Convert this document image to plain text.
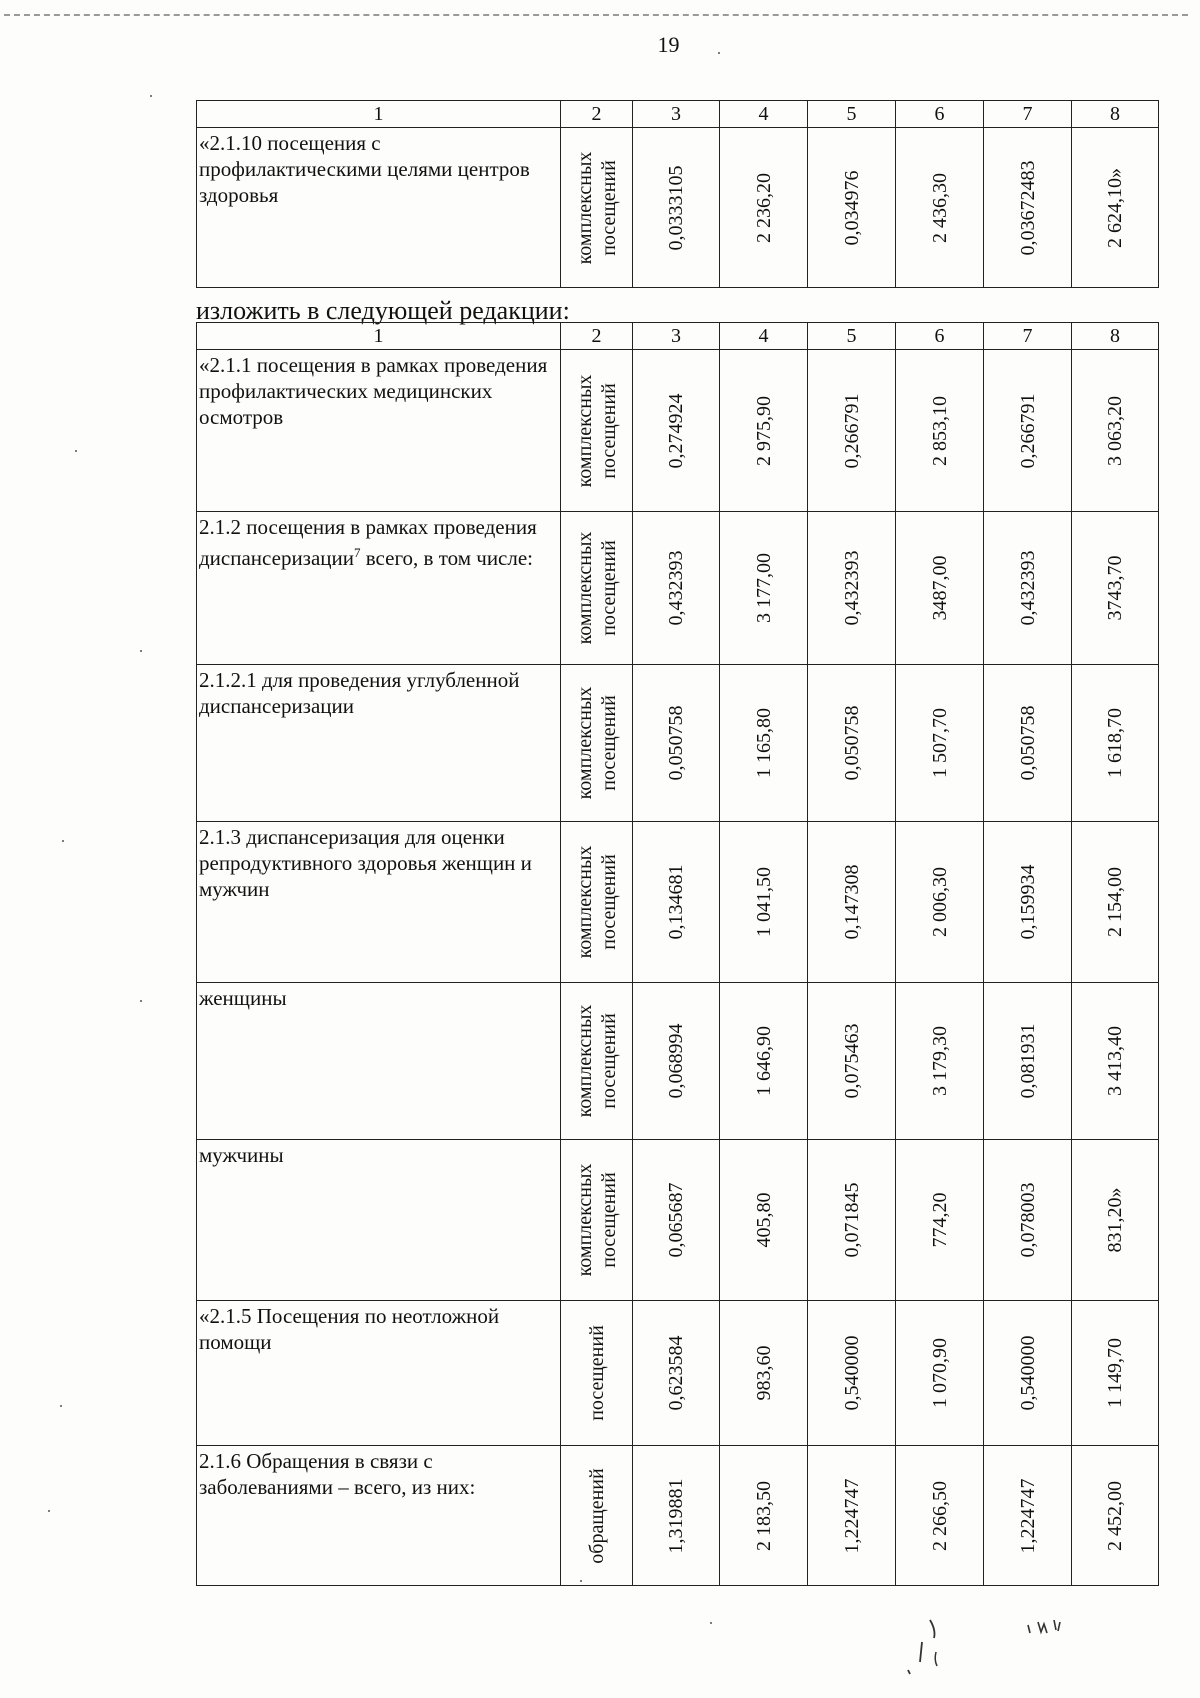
19
1	2	3	4	5	6	7	8
«2.1.10 посещения с профилактическими целями центров здоровья	комплексных посещений	0,0333105	2 236,20	0,034976	2 436,30	0,03672483	2 624,10»
изложить в следующей редакции:
1	2	3	4	5	6	7	8
«2.1.1 посещения в рамках проведения профилактических медицинских осмотров	комплексных посещений	0,274924	2 975,90	0,266791	2 853,10	0,266791	3 063,20

2.1.2 посещения в рамках проведения диспансеризации$^7$ всего, в том числе:	комплексных посещений	0,432393	3 177,00	0,432393	3487,00	0,432393	3743,70

2.1.2.1 для проведения углубленной диспансеризации	комплексных посещений	0,050758	1 165,80	0,050758	1 507,70	0,050758	1 618,70

2.1.3 диспансеризация для оценки репродуктивного здоровья женщин и мужчин	комплексных посещений	0,134681	1 041,50	0,147308	2 006,30	0,159934	2 154,00

женщины	комплексных посещений	0,068994	1 646,90	0,075463	3 179,30	0,081931	3 413,40

мужчины	комплексных посещений	0,065687	405,80	0,071845	774,20	0,078003	831,20»

«2.1.5 Посещения по неотложной помощи	посещений	0,623584	983,60	0,540000	1 070,90	0,540000	1 149,70

2.1.6 Обращения в связи с заболеваниями – всего, из них:	обращений	1,319881	2 183,50	1,224747	2 266,50	1,224747	2 452,00
